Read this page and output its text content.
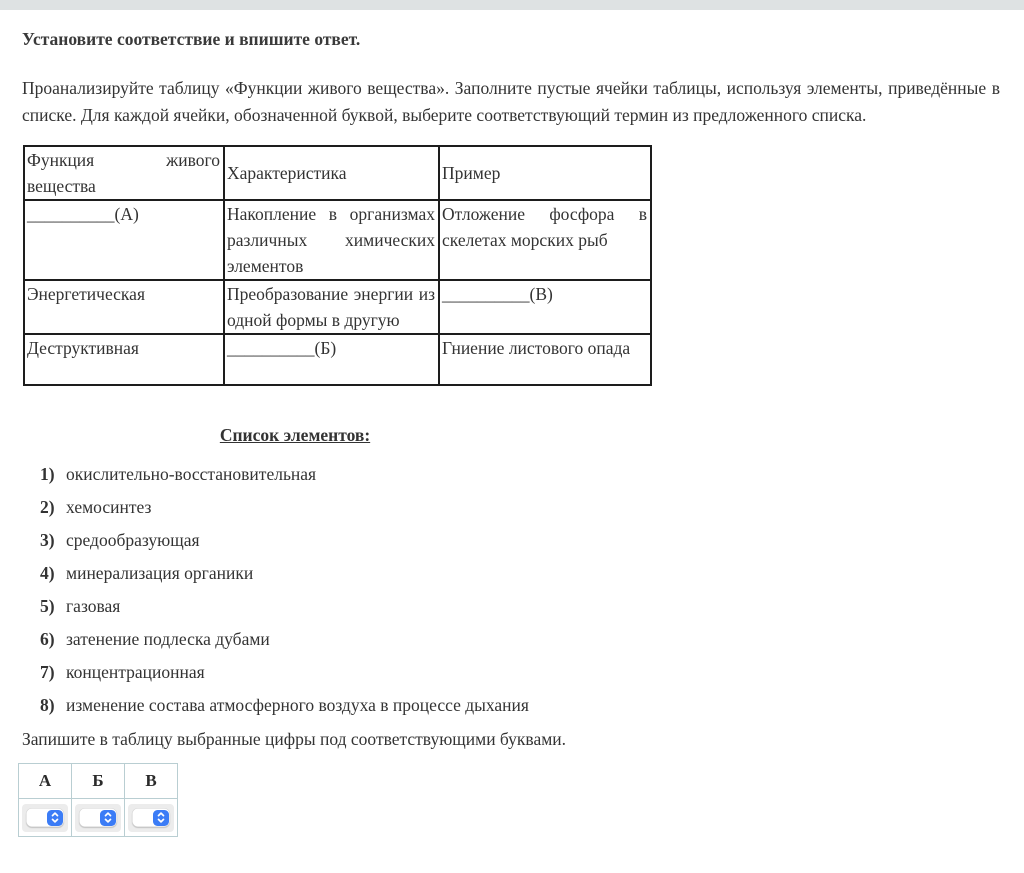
Установите соответствие и впишите ответ.

Проанализируйте таблицу «Функции живого вещества». Заполните пустые ячейки таблицы, используя элементы, приведённые в списке. Для каждой ячейки, обозначенной буквой, выберите соответствующий термин из предложенного списка.

Функция живого вещества	Характеристика	Пример
__________(А)	Накопление в организмах различных химических элементов	Отложение фосфора в скелетах морских рыб
Энергетическая	Преобразование энергии из одной формы в другую	__________(В)
Деструктивная	__________(Б)	Гниение листового опада
Список элементов:
1) окислительно-восстановительная
2) хемосинтез
3) средообразующая
4) минерализация органики
5) газовая
6) затенение подлеска дубами
7) концентрационная
8) изменение состава атмосферного воздуха в процессе дыхания

Запишите в таблицу выбранные цифры под соответствующими буквами.

А	Б	В
